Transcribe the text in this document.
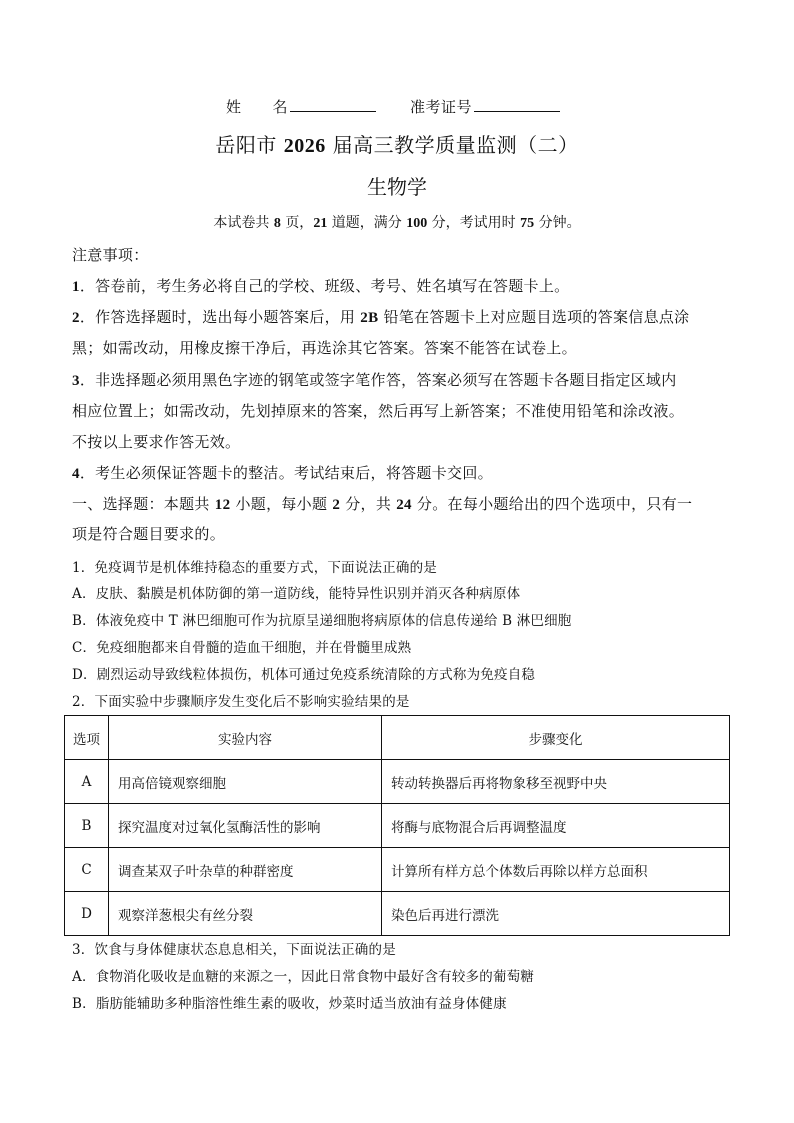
姓　　名	准考证号
岳阳市 2026 届高三教学质量监测（二）
生物学
本试卷共 8 页，21 道题，满分 100 分，考试用时 75 分钟。
注意事项：
1．答卷前，考生务必将自己的学校、班级、考号、姓名填写在答题卡上。
2．作答选择题时，选出每小题答案后，用 2B 铅笔在答题卡上对应题目选项的答案信息点涂
黑；如需改动，用橡皮擦干净后，再选涂其它答案。答案不能答在试卷上。
3．非选择题必须用黑色字迹的钢笔或签字笔作答，答案必须写在答题卡各题目指定区域内
相应位置上；如需改动，先划掉原来的答案，然后再写上新答案；不准使用铅笔和涂改液。
不按以上要求作答无效。
4．考生必须保证答题卡的整洁。考试结束后，将答题卡交回。
一、选择题：本题共 12 小题，每小题 2 分，共 24 分。在每小题给出的四个选项中，只有一
项是符合题目要求的。
1．免疫调节是机体维持稳态的重要方式，下面说法正确的是
A．皮肤、黏膜是机体防御的第一道防线，能特异性识别并消灭各种病原体
B．体液免疫中 T 淋巴细胞可作为抗原呈递细胞将病原体的信息传递给 B 淋巴细胞
C．免疫细胞都来自骨髓的造血干细胞，并在骨髓里成熟
D．剧烈运动导致线粒体损伤，机体可通过免疫系统清除的方式称为免疫自稳
2．下面实验中步骤顺序发生变化后不影响实验结果的是
选项	实验内容	步骤变化
A	用高倍镜观察细胞	转动转换器后再将物象移至视野中央
B	探究温度对过氧化氢酶活性的影响	将酶与底物混合后再调整温度
C	调查某双子叶杂草的种群密度	计算所有样方总个体数后再除以样方总面积
D	观察洋葱根尖有丝分裂	染色后再进行漂洗
3．饮食与身体健康状态息息相关，下面说法正确的是
A．食物消化吸收是血糖的来源之一，因此日常食物中最好含有较多的葡萄糖
B．脂肪能辅助多种脂溶性维生素的吸收，炒菜时适当放油有益身体健康
